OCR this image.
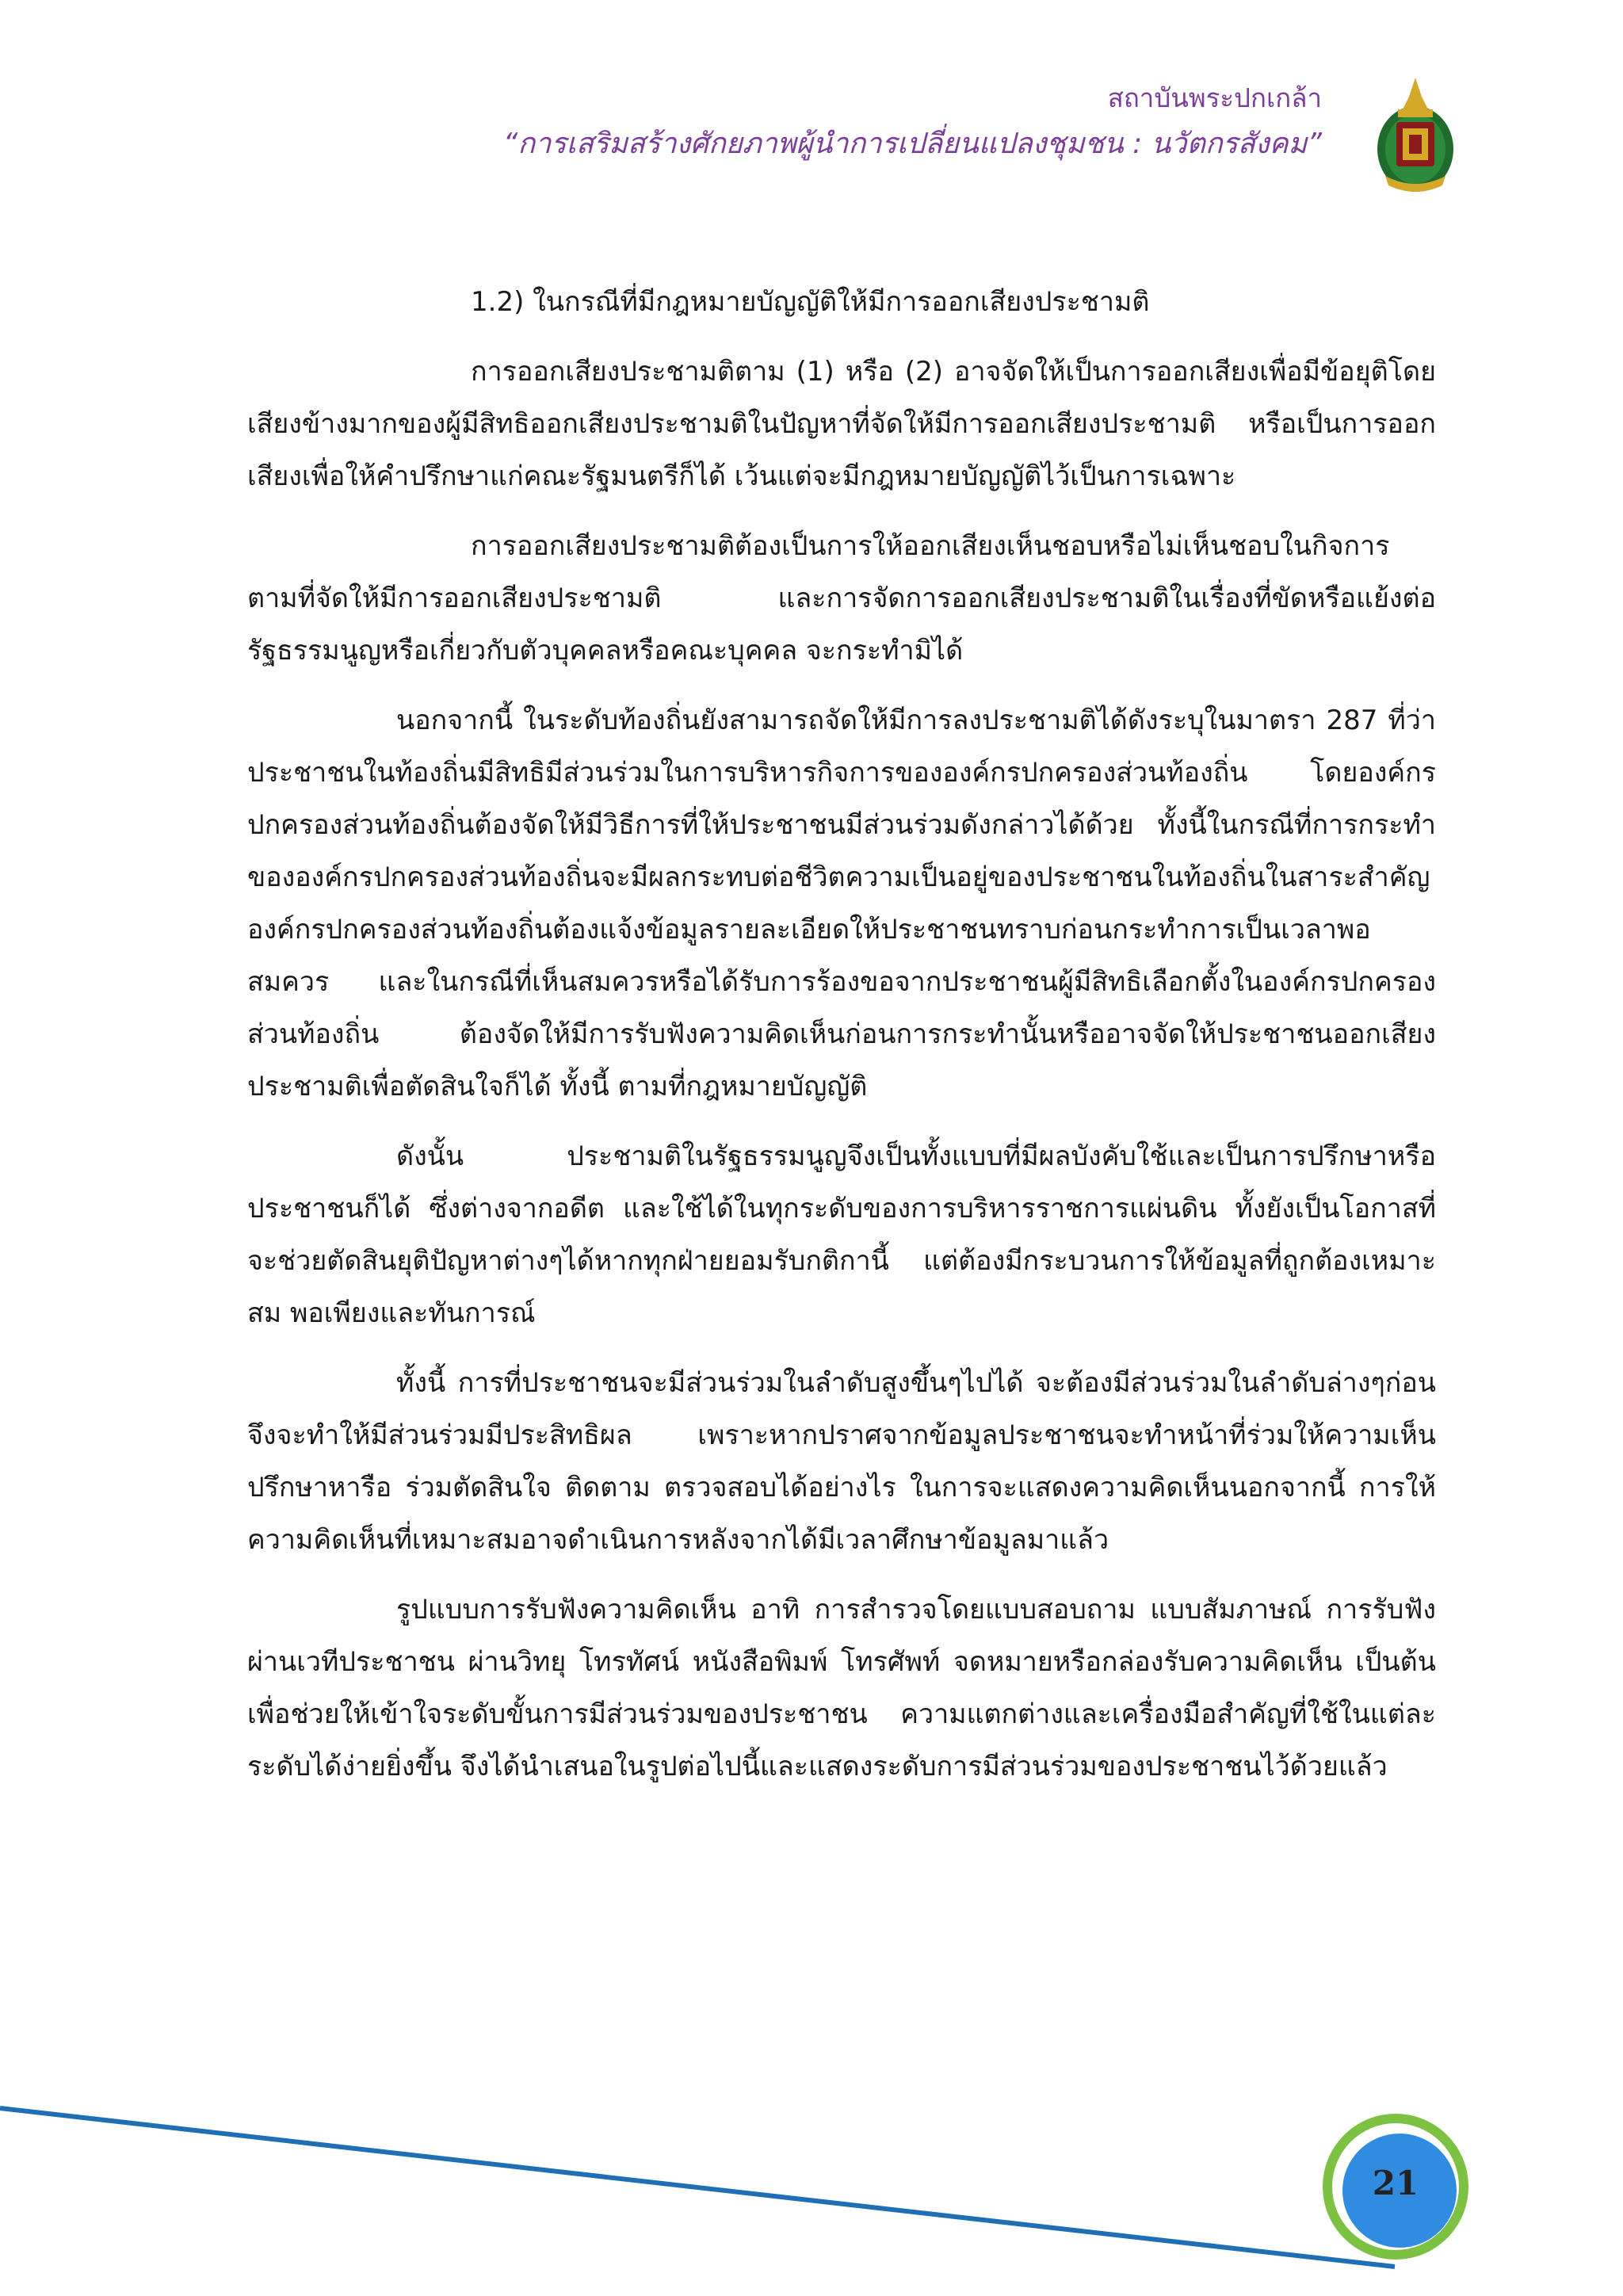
สถาบันพระปกเกล้า
“การเสริมสร้างศักยภาพผู้นำการเปลี่ยนแปลงชุมชน : นวัตกรสังคม”

1.2) ในกรณีที่มีกฎหมายบัญญัติให้มีการออกเสียงประชามติ

การออกเสียงประชามติตาม (1) หรือ (2) อาจจัดให้เป็นการออกเสียงเพื่อมีข้อยุติโดยเสียงข้างมากของผู้มีสิทธิออกเสียงประชามติในปัญหาที่จัดให้มีการออกเสียงประชามติ หรือเป็นการออกเสียงเพื่อให้คำปรึกษาแก่คณะรัฐมนตรีก็ได้ เว้นแต่จะมีกฎหมายบัญญัติไว้เป็นการเฉพาะ

การออกเสียงประชามติต้องเป็นการให้ออกเสียงเห็นชอบหรือไม่เห็นชอบในกิจการตามที่จัดให้มีการออกเสียงประชามติ และการจัดการออกเสียงประชามติในเรื่องที่ขัดหรือแย้งต่อรัฐธรรมนูญหรือเกี่ยวกับตัวบุคคลหรือคณะบุคคล จะกระทำมิได้

นอกจากนี้ ในระดับท้องถิ่นยังสามารถจัดให้มีการลงประชามติได้ดังระบุในมาตรา 287 ที่ว่าประชาชนในท้องถิ่นมีสิทธิมีส่วนร่วมในการบริหารกิจการขององค์กรปกครองส่วนท้องถิ่น โดยองค์กรปกครองส่วนท้องถิ่นต้องจัดให้มีวิธีการที่ให้ประชาชนมีส่วนร่วมดังกล่าวได้ด้วย ทั้งนี้ในกรณีที่การกระทำขององค์กรปกครองส่วนท้องถิ่นจะมีผลกระทบต่อชีวิตความเป็นอยู่ของประชาชนในท้องถิ่นในสาระสำคัญ องค์กรปกครองส่วนท้องถิ่นต้องแจ้งข้อมูลรายละเอียดให้ประชาชนทราบก่อนกระทำการเป็นเวลาพอสมควร และในกรณีที่เห็นสมควรหรือได้รับการร้องขอจากประชาชนผู้มีสิทธิเลือกตั้งในองค์กรปกครองส่วนท้องถิ่น ต้องจัดให้มีการรับฟังความคิดเห็นก่อนการกระทำนั้นหรืออาจจัดให้ประชาชนออกเสียงประชามติเพื่อตัดสินใจก็ได้ ทั้งนี้ ตามที่กฎหมายบัญญัติ

ดังนั้น ประชามติในรัฐธรรมนูญจึงเป็นทั้งแบบที่มีผลบังคับใช้และเป็นการปรึกษาหรือประชาชนก็ได้ ซึ่งต่างจากอดีต และใช้ได้ในทุกระดับของการบริหารราชการแผ่นดิน ทั้งยังเป็นโอกาสที่จะช่วยตัดสินยุติปัญหาต่างๆได้หากทุกฝ่ายยอมรับกติกานี้ แต่ต้องมีกระบวนการให้ข้อมูลที่ถูกต้องเหมาะสม พอเพียงและทันการณ์

ทั้งนี้ การที่ประชาชนจะมีส่วนร่วมในลำดับสูงขึ้นๆไปได้ จะต้องมีส่วนร่วมในลำดับล่างๆก่อน จึงจะทำให้มีส่วนร่วมมีประสิทธิผล เพราะหากปราศจากข้อมูลประชาชนจะทำหน้าที่ร่วมให้ความเห็น ปรึกษาหารือ ร่วมตัดสินใจ ติดตาม ตรวจสอบได้อย่างไร ในการจะแสดงความคิดเห็นนอกจากนี้ การให้ความคิดเห็นที่เหมาะสมอาจดำเนินการหลังจากได้มีเวลาศึกษาข้อมูลมาแล้ว

รูปแบบการรับฟังความคิดเห็น อาทิ การสำรวจโดยแบบสอบถาม แบบสัมภาษณ์ การรับฟังผ่านเวทีประชาชน ผ่านวิทยุ โทรทัศน์ หนังสือพิมพ์ โทรศัพท์ จดหมายหรือกล่องรับความคิดเห็น เป็นต้น เพื่อช่วยให้เข้าใจระดับขั้นการมีส่วนร่วมของประชาชน ความแตกต่างและเครื่องมือสำคัญที่ใช้ในแต่ละระดับได้ง่ายยิ่งขึ้น จึงได้นำเสนอในรูปต่อไปนี้และแสดงระดับการมีส่วนร่วมของประชาชนไว้ด้วยแล้ว

21
